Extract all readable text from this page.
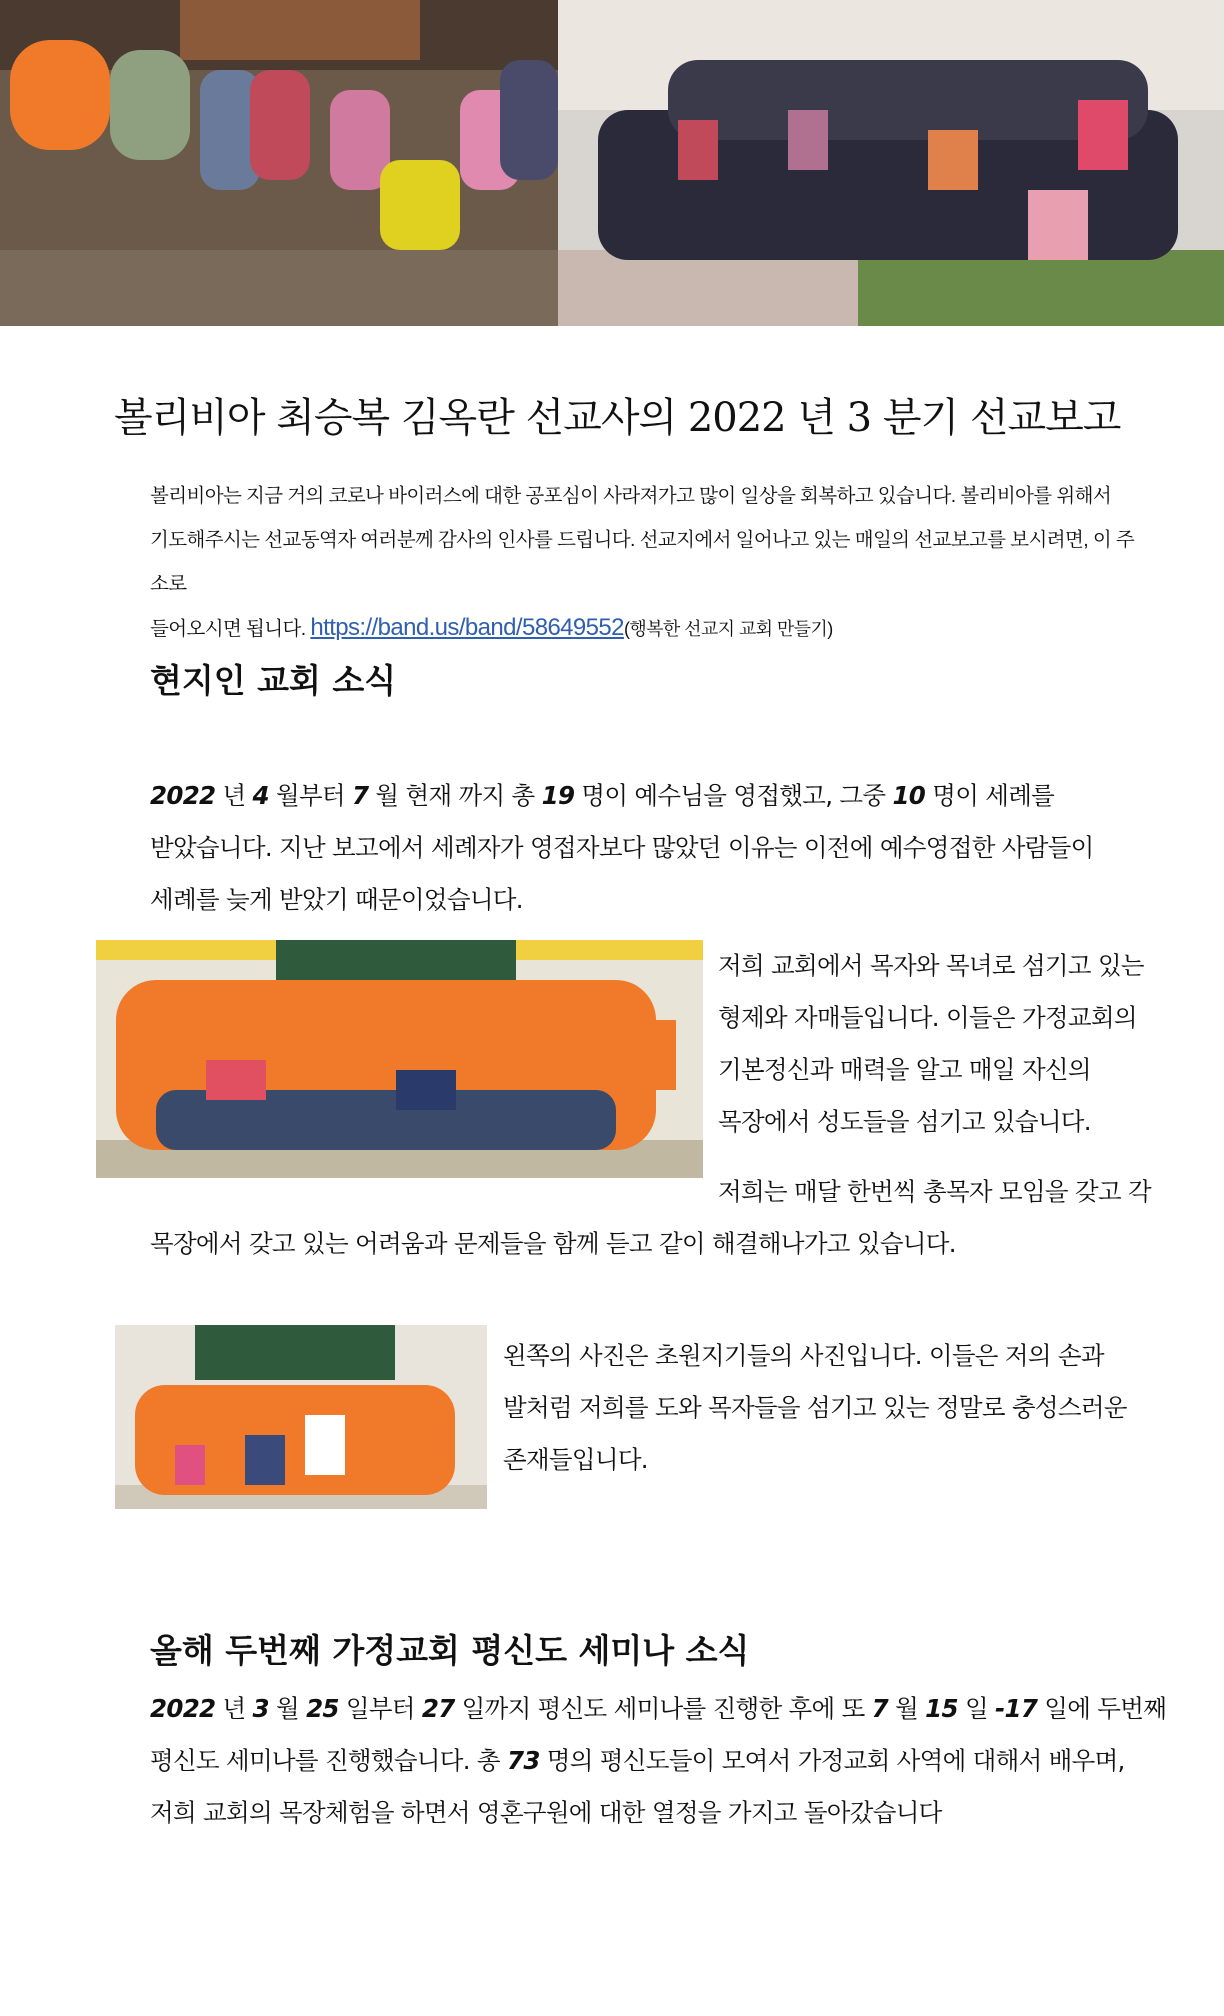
볼리비아 최승복 김옥란 선교사의 2022 년 3 분기 선교보고

볼리비아는 지금 거의 코로나 바이러스에 대한 공포심이 사라져가고 많이 일상을 회복하고 있습니다. 볼리비아를 위해서
기도해주시는 선교동역자 여러분께 감사의 인사를 드립니다. 선교지에서 일어나고 있는 매일의 선교보고를 보시려면, 이 주소로
들어오시면 됩니다. https://band.us/band/58649552(행복한 선교지 교회 만들기)

현지인 교회 소식

2022 년 4 월부터 7 월 현재 까지 총 19 명이 예수님을 영접했고, 그중 10 명이 세례를
받았습니다. 지난 보고에서 세례자가 영접자보다 많았던 이유는 이전에 예수영접한 사람들이
세례를 늦게 받았기 때문이었습니다.

저희 교회에서 목자와 목녀로 섬기고 있는
형제와 자매들입니다. 이들은 가정교회의
기본정신과 매력을 알고 매일 자신의
목장에서 성도들을 섬기고 있습니다.

저희는 매달 한번씩 총목자 모임을 갖고 각

목장에서 갖고 있는 어려움과 문제들을 함께 듣고 같이 해결해나가고 있습니다.

왼쪽의 사진은 초원지기들의 사진입니다. 이들은 저의 손과
발처럼 저희를 도와 목자들을 섬기고 있는 정말로 충성스러운
존재들입니다.

올해 두번째 가정교회 평신도 세미나 소식

2022 년 3 월 25 일부터 27 일까지 평신도 세미나를 진행한 후에 또 7 월 15 일 -17 일에 두번째
평신도 세미나를 진행했습니다. 총 73 명의 평신도들이 모여서 가정교회 사역에 대해서 배우며,
저희 교회의 목장체험을 하면서 영혼구원에 대한 열정을 가지고 돌아갔습니다
